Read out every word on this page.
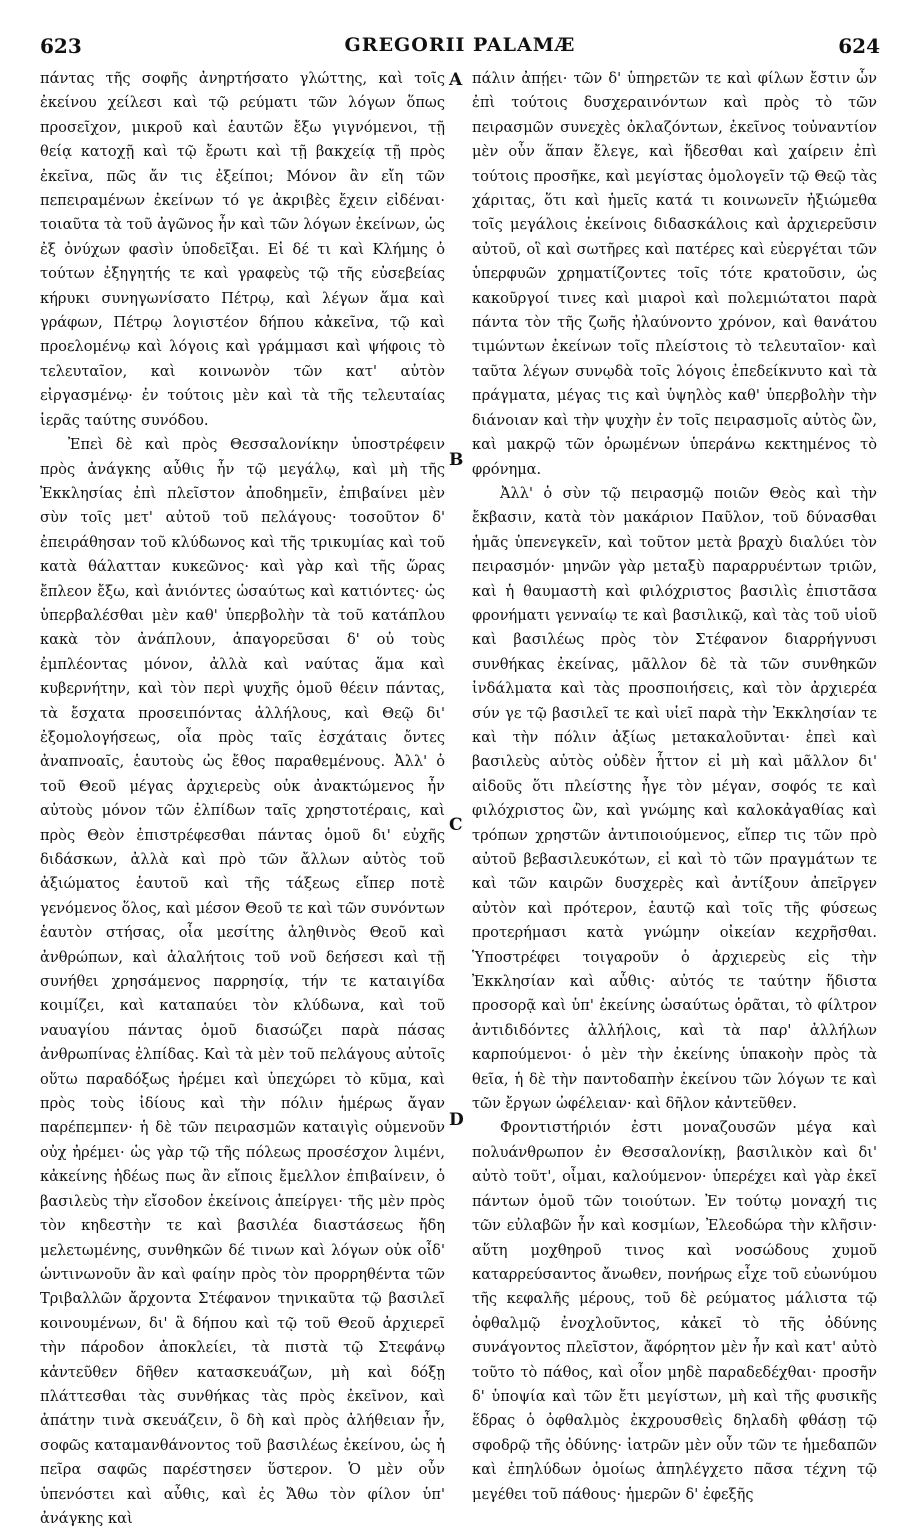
623	GREGORII PALAMÆ	624

πάντας τῆς σοφῆς ἀνηρτήσατο γλώττης, καὶ τοῖς ἐκείνου χείλεσι καὶ τῷ ρεύματι τῶν λόγων ὅπως προσεῖχον, μικροῦ καὶ ἑαυτῶν ἔξω γιγνόμενοι, τῇ θείᾳ κατοχῇ καὶ τῷ ἔρωτι καὶ τῇ βακχείᾳ τῇ πρὸς ἐκεῖνα, πῶς ἄν τις ἐξείποι; Μόνον ἂν εἴη τῶν πεπειραμένων ἐκείνων τό γε ἀκριβὲς ἔχειν εἰδέναι· τοιαῦτα τὰ τοῦ ἀγῶνος ἦν καὶ τῶν λόγων ἐκείνων, ὡς ἐξ ὀνύχων φασὶν ὑποδεῖξαι. Εἰ δέ τι καὶ Κλήμης ὁ τούτων ἐξηγητής τε καὶ γραφεὺς τῷ τῆς εὐσεβείας κήρυκι συνηγωνίσατο Πέτρῳ, καὶ λέγων ἅμα καὶ γράφων, Πέτρῳ λογιστέον δήπου κἀκεῖνα, τῷ καὶ προελομένῳ καὶ λόγοις καὶ γράμμασι καὶ ψήφοις τὸ τελευταῖον, καὶ κοινωνὸν τῶν κατ' αὐτὸν εἰργασμένῳ· ἐν τούτοις μὲν καὶ τὰ τῆς τελευταίας ἱερᾶς ταύτης συνόδου.

Ἐπεὶ δὲ καὶ πρὸς Θεσσαλονίκην ὑποστρέφειν πρὸς ἀνάγκης αὖθις ἦν τῷ μεγάλῳ, καὶ μὴ τῆς Ἐκκλησίας ἐπὶ πλεῖστον ἀποδημεῖν, ἐπιβαίνει μὲν σὺν τοῖς μετ' αὐτοῦ τοῦ πελάγους· τοσοῦτον δ' ἐπειράθησαν τοῦ κλύδωνος καὶ τῆς τρικυμίας καὶ τοῦ κατὰ θάλατταν κυκεῶνος· καὶ γὰρ καὶ τῆς ὥρας ἔπλεον ἔξω, καὶ ἀνιόντες ὡσαύτως καὶ κατιόντες· ὡς ὑπερβαλέσθαι μὲν καθ' ὑπερβολὴν τὰ τοῦ κατάπλου κακὰ τὸν ἀνάπλουν, ἀπαγορεῦσαι δ' οὐ τοὺς ἐμπλέοντας μόνον, ἀλλὰ καὶ ναύτας ἅμα καὶ κυβερνήτην, καὶ τὸν περὶ ψυχῆς ὁμοῦ θέειν πάντας, τὰ ἔσχατα προσειπόντας ἀλλήλους, καὶ Θεῷ δι' ἐξομολογήσεως, οἷα πρὸς ταῖς ἐσχάταις ὄντες ἀναπνοαῖς, ἑαυτοὺς ὡς ἔθος παραθεμένους. Ἀλλ' ὁ τοῦ Θεοῦ μέγας ἀρχιερεὺς οὐκ ἀνακτώμενος ἦν αὐτοὺς μόνον τῶν ἐλπίδων ταῖς χρηστοτέραις, καὶ πρὸς Θεὸν ἐπιστρέφεσθαι πάντας ὁμοῦ δι' εὐχῆς διδάσκων, ἀλλὰ καὶ πρὸ τῶν ἄλλων αὐτὸς τοῦ ἀξιώματος ἑαυτοῦ καὶ τῆς τάξεως εἴπερ ποτὲ γενόμενος ὅλος, καὶ μέσον Θεοῦ τε καὶ τῶν συνόντων ἑαυτὸν στήσας, οἷα μεσίτης ἀληθινὸς Θεοῦ καὶ ἀνθρώπων, καὶ ἀλαλήτοις τοῦ νοῦ δεήσεσι καὶ τῇ συνήθει χρησάμενος παρρησίᾳ, τήν τε καταιγίδα κοιμίζει, καὶ καταπαύει τὸν κλύδωνα, καὶ τοῦ ναυαγίου πάντας ὁμοῦ διασώζει παρὰ πάσας ἀνθρωπίνας ἐλπίδας. Καὶ τὰ μὲν τοῦ πελάγους αὐτοῖς οὕτω παραδόξως ἠρέμει καὶ ὑπεχώρει τὸ κῦμα, καὶ πρὸς τοὺς ἰδίους καὶ τὴν πόλιν ἡμέρως ἄγαν παρέπεμπεν· ἡ δὲ τῶν πειρασμῶν καταιγὶς οὐμενοῦν οὐχ ἠρέμει· ὡς γὰρ τῷ τῆς πόλεως προσέσχον λιμένι, κἀκείνης ἡδέως πως ἂν εἴποις ἔμελλον ἐπιβαίνειν, ὁ βασιλεὺς τὴν εἴσοδον ἐκείνοις ἀπείργει· τῆς μὲν πρὸς τὸν κηδεστὴν τε καὶ βασιλέα διαστάσεως ἤδη μελετωμένης, συνθηκῶν δέ τινων καὶ λόγων οὐκ οἶδ' ὡντινωνοῦν ἂν καὶ φαίην πρὸς τὸν προρρηθέντα τῶν Τριβαλλῶν ἄρχοντα Στέφανον τηνικαῦτα τῷ βασιλεῖ κοινουμένων, δι' ἃ δήπου καὶ τῷ τοῦ Θεοῦ ἀρχιερεῖ τὴν πάροδον ἀποκλείει, τὰ πιστὰ τῷ Στεφάνῳ κἀντεῦθεν δῆθεν κατασκευάζων, μὴ καὶ δόξῃ πλάττεσθαι τὰς συνθήκας τὰς πρὸς ἐκεῖνον, καὶ ἀπάτην τινὰ σκευάζειν, ὃ δὴ καὶ πρὸς ἀλήθειαν ἦν, σοφῶς καταμανθάνοντος τοῦ βασιλέως ἐκείνου, ὡς ἡ πεῖρα σαφῶς παρέστησεν ὕστερον. Ὁ μὲν οὖν ὑπενόστει καὶ αὖθις, καὶ ἐς Ἄθω τὸν φίλον ὑπ' ἀνάγκης καὶ

A
B
C
D

πάλιν ἀπῄει· τῶν δ' ὑπηρετῶν τε καὶ φίλων ἔστιν ὧν ἐπὶ τούτοις δυσχεραινόντων καὶ πρὸς τὸ τῶν πειρασμῶν συνεχὲς ὀκλαζόντων, ἐκεῖνος τοὐναντίον μὲν οὖν ἅπαν ἔλεγε, καὶ ἥδεσθαι καὶ χαίρειν ἐπὶ τούτοις προσῆκε, καὶ μεγίστας ὁμολογεῖν τῷ Θεῷ τὰς χάριτας, ὅτι καὶ ἡμεῖς κατά τι κοινωνεῖν ἠξιώμεθα τοῖς μεγάλοις ἐκείνοις διδασκάλοις καὶ ἀρχιερεῦσιν αὐτοῦ, οἳ καὶ σωτῆρες καὶ πατέρες καὶ εὐεργέται τῶν ὑπερφυῶν χρηματίζοντες τοῖς τότε κρατοῦσιν, ὡς κακοῦργοί τινες καὶ μιαροὶ καὶ πολεμιώτατοι παρὰ πάντα τὸν τῆς ζωῆς ἠλαύνοντο χρόνον, καὶ θανάτου τιμώντων ἐκείνων τοῖς πλείστοις τὸ τελευταῖον· καὶ ταῦτα λέγων συνῳδὰ τοῖς λόγοις ἐπεδείκνυτο καὶ τὰ πράγματα, μέγας τις καὶ ὑψηλὸς καθ' ὑπερβολὴν τὴν διάνοιαν καὶ τὴν ψυχὴν ἐν τοῖς πειρασμοῖς αὐτὸς ὢν, καὶ μακρῷ τῶν ὁρωμένων ὑπεράνω κεκτημένος τὸ φρόνημα.

Ἀλλ' ὁ σὺν τῷ πειρασμῷ ποιῶν Θεὸς καὶ τὴν ἔκβασιν, κατὰ τὸν μακάριον Παῦλον, τοῦ δύνασθαι ἡμᾶς ὑπενεγκεῖν, καὶ τοῦτον μετὰ βραχὺ διαλύει τὸν πειρασμόν· μηνῶν γὰρ μεταξὺ παραρρυέντων τριῶν, καὶ ἡ θαυμαστὴ καὶ φιλόχριστος βασιλὶς ἐπιστᾶσα φρονήματι γενναίῳ τε καὶ βασιλικῷ, καὶ τὰς τοῦ υἱοῦ καὶ βασιλέως πρὸς τὸν Στέφανον διαρρήγνυσι συνθήκας ἐκείνας, μᾶλλον δὲ τὰ τῶν συνθηκῶν ἰνδάλματα καὶ τὰς προσποιήσεις, καὶ τὸν ἀρχιερέα σύν γε τῷ βασιλεῖ τε καὶ υἱεῖ παρὰ τὴν Ἐκκλησίαν τε καὶ τὴν πόλιν ἀξίως μετακαλοῦνται· ἐπεὶ καὶ βασιλεὺς αὐτὸς οὐδὲν ἧττον εἰ μὴ καὶ μᾶλλον δι' αἰδοῦς ὅτι πλείστης ἦγε τὸν μέγαν, σοφός τε καὶ φιλόχριστος ὢν, καὶ γνώμης καὶ καλοκἀγαθίας καὶ τρόπων χρηστῶν ἀντιποιούμενος, εἴπερ τις τῶν πρὸ αὐτοῦ βεβασιλευκότων, εἰ καὶ τὸ τῶν πραγμάτων τε καὶ τῶν καιρῶν δυσχερὲς καὶ ἀντίξουν ἀπεῖργεν αὐτὸν καὶ πρότερον, ἑαυτῷ καὶ τοῖς τῆς φύσεως προτερήμασι κατὰ γνώμην οἰκείαν κεχρῆσθαι. Ὑποστρέφει τοιγαροῦν ὁ ἀρχιερεὺς εἰς τὴν Ἐκκλησίαν καὶ αὖθις· αὐτός τε ταύτην ἥδιστα προσορᾷ καὶ ὑπ' ἐκείνης ὡσαύτως ὁρᾶται, τὸ φίλτρον ἀντιδιδόντες ἀλλήλοις, καὶ τὰ παρ' ἀλλήλων καρπούμενοι· ὁ μὲν τὴν ἐκείνης ὑπακοὴν πρὸς τὰ θεῖα, ἡ δὲ τὴν παντοδαπὴν ἐκείνου τῶν λόγων τε καὶ τῶν ἔργων ὠφέλειαν· καὶ δῆλον κἀντεῦθεν.

Φροντιστήριόν ἐστι μοναζουσῶν μέγα καὶ πολυάνθρωπον ἐν Θεσσαλονίκῃ, βασιλικὸν καὶ δι' αὐτὸ τοῦτ', οἶμαι, καλούμενον· ὑπερέχει καὶ γὰρ ἐκεῖ πάντων ὁμοῦ τῶν τοιούτων. Ἐν τούτῳ μοναχή τις τῶν εὐλαβῶν ἦν καὶ κοσμίων, Ἐλεοδώρα τὴν κλῆσιν· αὕτη μοχθηροῦ τινος καὶ νοσώδους χυμοῦ καταρρεύσαντος ἄνωθεν, πονήρως εἶχε τοῦ εὐωνύμου τῆς κεφαλῆς μέρους, τοῦ δὲ ρεύματος μάλιστα τῷ ὀφθαλμῷ ἐνοχλοῦντος, κἀκεῖ τὸ τῆς ὀδύνης συνάγοντος πλεῖστον, ἄφόρητον μὲν ἦν καὶ κατ' αὐτὸ τοῦτο τὸ πάθος, καὶ οἷον μηδὲ παραδεδέχθαι· προσῆν δ' ὑποψία καὶ τῶν ἔτι μεγίστων, μὴ καὶ τῆς φυσικῆς ἕδρας ὁ ὀφθαλμὸς ἐκχρουσθεὶς δηλαδὴ φθάσῃ τῷ σφοδρῷ τῆς ὀδύνης· ἰατρῶν μὲν οὖν τῶν τε ἡμεδαπῶν καὶ ἐπηλύδων ὁμοίως ἀπηλέγχετο πᾶσα τέχνη τῷ μεγέθει τοῦ πάθους· ἡμερῶν δ' ἐφεξῆς
